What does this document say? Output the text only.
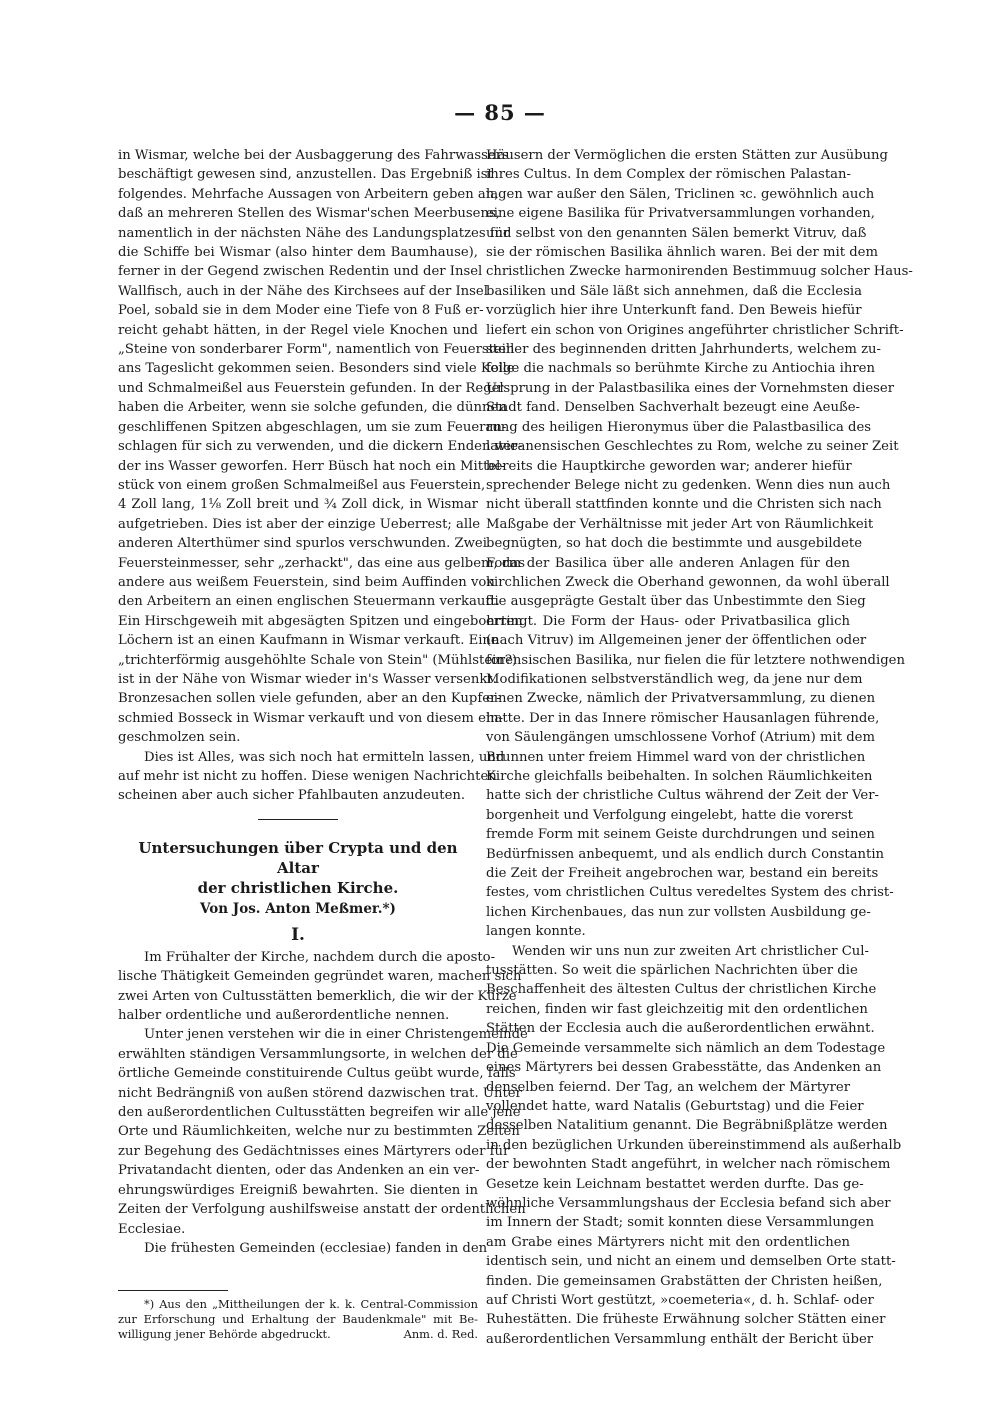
— 85 —
in Wismar, welche bei der Ausbaggerung des Fahrwassers
beschäftigt gewesen sind, anzustellen. Das Ergebniß ist
folgendes. Mehrfache Aussagen von Arbeitern geben an,
daß an mehreren Stellen des Wismar'schen Meerbusens,
namentlich in der nächsten Nähe des Landungsplatzes für
die Schiffe bei Wismar (also hinter dem Baumhause),
ferner in der Gegend zwischen Redentin und der Insel
Wallfisch, auch in der Nähe des Kirchsees auf der Insel
Poel, sobald sie in dem Moder eine Tiefe von 8 Fuß er-
reicht gehabt hätten, in der Regel viele Knochen und
„Steine von sonderbarer Form", namentlich von Feuerstein
ans Tageslicht gekommen seien. Besonders sind viele Keile
und Schmalmeißel aus Feuerstein gefunden. In der Regel
haben die Arbeiter, wenn sie solche gefunden, die dünnen
geschliffenen Spitzen abgeschlagen, um sie zum Feueran-
schlagen für sich zu verwenden, und die dickern Enden wie-
der ins Wasser geworfen. Herr Büsch hat noch ein Mittel-
stück von einem großen Schmalmeißel aus Feuerstein,
4 Zoll lang, 1⅛ Zoll breit und ¾ Zoll dick, in Wismar
aufgetrieben. Dies ist aber der einzige Ueberrest; alle
anderen Alterthümer sind spurlos verschwunden. Zwei
Feuersteinmesser, sehr „zerhackt", das eine aus gelbem, das
andere aus weißem Feuerstein, sind beim Auffinden von
den Arbeitern an einen englischen Steuermann verkauft.
Ein Hirschgeweih mit abgesägten Spitzen und eingebohrten
Löchern ist an einen Kaufmann in Wismar verkauft. Eine
„trichterförmig ausgehöhlte Schale von Stein" (Mühlstein?)
ist in der Nähe von Wismar wieder in's Wasser versenkt.
Bronzesachen sollen viele gefunden, aber an den Kupfer-
schmied Bosseck in Wismar verkauft und von diesem ein-
geschmolzen sein.
Dies ist Alles, was sich noch hat ermitteln lassen, und
auf mehr ist nicht zu hoffen. Diese wenigen Nachrichten
scheinen aber auch sicher Pfahlbauten anzudeuten.
Untersuchungen über Crypta und den Altar
der christlichen Kirche.
Von Jos. Anton Meßmer.*)
I.
Im Frühalter der Kirche, nachdem durch die aposto-
lische Thätigkeit Gemeinden gegründet waren, machen sich
zwei Arten von Cultusstätten bemerklich, die wir der Kürze
halber ordentliche und außerordentliche nennen.
Unter jenen verstehen wir die in einer Christengemeinde
erwählten ständigen Versammlungsorte, in welchen der die
örtliche Gemeinde constituirende Cultus geübt wurde, falls
nicht Bedrängniß von außen störend dazwischen trat. Unter
den außerordentlichen Cultusstätten begreifen wir alle jene
Orte und Räumlichkeiten, welche nur zu bestimmten Zeiten
zur Begehung des Gedächtnisses eines Märtyrers oder für
Privatandacht dienten, oder das Andenken an ein ver-
ehrungswürdiges Ereigniß bewahrten. Sie dienten in
Zeiten der Verfolgung aushilfsweise anstatt der ordentlichen
Ecclesiae.
Die frühesten Gemeinden (ecclesiae) fanden in den
*) Aus den „Mittheilungen der k. k. Central-Commission
zur Erforschung und Erhaltung der Baudenkmale" mit Be-
willigung jener Behörde abgedruckt.	Anm. d. Red.
Häusern der Vermöglichen die ersten Stätten zur Ausübung
ihres Cultus. In dem Complex der römischen Palastan-
lagen war außer den Sälen, Triclinen ꝛc. gewöhnlich auch
eine eigene Basilika für Privatversammlungen vorhanden,
und selbst von den genannten Sälen bemerkt Vitruv, daß
sie der römischen Basilika ähnlich waren. Bei der mit dem
christlichen Zwecke harmonirenden Bestimmuug solcher Haus-
basiliken und Säle läßt sich annehmen, daß die Ecclesia
vorzüglich hier ihre Unterkunft fand. Den Beweis hiefür
liefert ein schon von Origines angeführter christlicher Schrift-
steller des beginnenden dritten Jahrhunderts, welchem zu-
folge die nachmals so berühmte Kirche zu Antiochia ihren
Ursprung in der Palastbasilika eines der Vornehmsten dieser
Stadt fand. Denselben Sachverhalt bezeugt eine Aeuße-
rung des heiligen Hieronymus über die Palastbasilica des
lateranensischen Geschlechtes zu Rom, welche zu seiner Zeit
bereits die Hauptkirche geworden war; anderer hiefür
sprechender Belege nicht zu gedenken. Wenn dies nun auch
nicht überall stattfinden konnte und die Christen sich nach
Maßgabe der Verhältnisse mit jeder Art von Räumlichkeit
begnügten, so hat doch die bestimmte und ausgebildete
Form der Basilica über alle anderen Anlagen für den
kirchlichen Zweck die Oberhand gewonnen, da wohl überall
die ausgeprägte Gestalt über das Unbestimmte den Sieg
erringt. Die Form der Haus- oder Privatbasilica glich
(nach Vitruv) im Allgemeinen jener der öffentlichen oder
forensischen Basilika, nur fielen die für letztere nothwendigen
Modifikationen selbstverständlich weg, da jene nur dem
einen Zwecke, nämlich der Privatversammlung, zu dienen
hatte. Der in das Innere römischer Hausanlagen führende,
von Säulengängen umschlossene Vorhof (Atrium) mit dem
Brunnen unter freiem Himmel ward von der christlichen
Kirche gleichfalls beibehalten. In solchen Räumlichkeiten
hatte sich der christliche Cultus während der Zeit der Ver-
borgenheit und Verfolgung eingelebt, hatte die vorerst
fremde Form mit seinem Geiste durchdrungen und seinen
Bedürfnissen anbequemt, und als endlich durch Constantin
die Zeit der Freiheit angebrochen war, bestand ein bereits
festes, vom christlichen Cultus veredeltes System des christ-
lichen Kirchenbaues, das nun zur vollsten Ausbildung ge-
langen konnte.
Wenden wir uns nun zur zweiten Art christlicher Cul-
tusstätten. So weit die spärlichen Nachrichten über die
Beschaffenheit des ältesten Cultus der christlichen Kirche
reichen, finden wir fast gleichzeitig mit den ordentlichen
Stätten der Ecclesia auch die außerordentlichen erwähnt.
Die Gemeinde versammelte sich nämlich an dem Todestage
eines Märtyrers bei dessen Grabesstätte, das Andenken an
denselben feiernd. Der Tag, an welchem der Märtyrer
vollendet hatte, ward Natalis (Geburtstag) und die Feier
desselben Natalitium genannt. Die Begräbnißplätze werden
in den bezüglichen Urkunden übereinstimmend als außerhalb
der bewohnten Stadt angeführt, in welcher nach römischem
Gesetze kein Leichnam bestattet werden durfte. Das ge-
wöhnliche Versammlungshaus der Ecclesia befand sich aber
im Innern der Stadt; somit konnten diese Versammlungen
am Grabe eines Märtyrers nicht mit den ordentlichen
identisch sein, und nicht an einem und demselben Orte statt-
finden. Die gemeinsamen Grabstätten der Christen heißen,
auf Christi Wort gestützt, »coemeteria«, d. h. Schlaf- oder
Ruhestätten. Die früheste Erwähnung solcher Stätten einer
außerordentlichen Versammlung enthält der Bericht über
